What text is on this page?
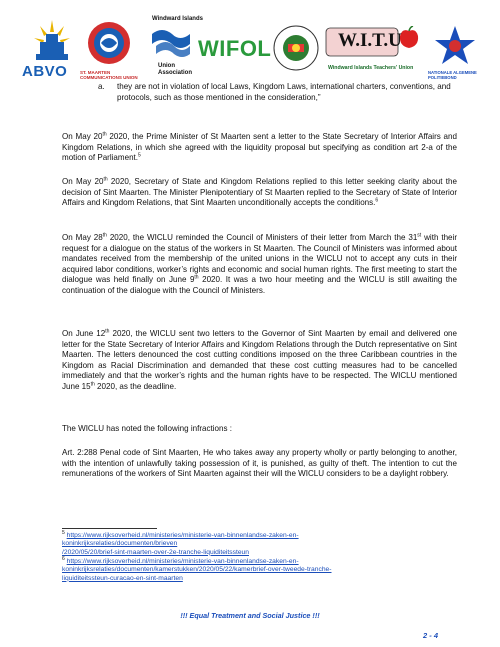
ABVO	ST. MAARTEN COMMUNICATIONS UNION
Windward Islands
Union
Association
WIFOL	W.I.T.U
Windward Islands Teachers' Union
NATIONALE ALGEMENE POLITIEBOND
a. they are not in violation of local Laws, Kingdom Laws, international charters, conventions, and protocols, such as those mentioned in the consideration,”

On May 20th 2020, the Prime Minister of St Maarten sent a letter to the State Secretary of Interior Affairs and Kingdom Relations, in which she agreed with the liquidity proposal but specifying as condition art 2-a of the motion of Parliament.$^5$

On May 20th 2020, Secretary of State and Kingdom Relations replied to this letter seeking clarity about the decision of Sint Maarten. The Minister Plenipotentiary of St Maarten replied to the Secretary of State of Interior Affairs and Kingdom Relations, that Sint Maarten unconditionally accepts the conditions.$^6$

On May 28th 2020, the WICLU reminded the Council of Ministers of their letter from March the 31st with their request for a dialogue on the status of the workers in St Maarten. The Council of Ministers was informed about mandates received from the membership of the united unions in the WICLU not to accept any cuts in their acquired labor conditions, worker’s rights and economic and social human rights. The first meeting to start the dialogue was held finally on June 9th 2020. It was a two hour meeting and the WICLU is still awaiting the continuation of the dialogue with the Council of Ministers.

On June 12th 2020, the WICLU sent two letters to the Governor of Sint Maarten by email and delivered one letter for the State Secretary of Interior Affairs and Kingdom Relations through the Dutch representative on Sint Maarten. The letters denounced the cost cutting conditions imposed on the three Caribbean countries in the Kingdom as Racial Discrimination and demanded that these cost cutting measures had to be cancelled immediately and that the worker’s rights and the human rights have to be respected. The WICLU mentioned June 15th 2020, as the deadline.

The WICLU has noted the following infractions :

Art. 2:288 Penal code of Sint Maarten, He who takes away any property wholly or partly belonging to another, with the intention of unlawfully taking possession of it, is punished, as guilty of theft. The intention to cut the remunerations of the workers of Sint Maarten against their will the WICLU considers to be a daylight robbery.

$^5$ https://www.rijksoverheid.nl/ministeries/ministerie-van-binnenlandse-zaken-en-
koninkrijksrelaties/documenten/brieven
/2020/05/20/brief-sint-maarten-over-2e-tranche-liquiditeitssteun
$^6$ https://www.rijksoverheid.nl/ministeries/ministerie-van-binnenlandse-zaken-en-
koninkrijksrelaties/documenten/kamerstukken/2020/05/22/kamerbrief-over-tweede-tranche-
liquiditeitssteun-curacao-en-sint-maarten
!!! Equal Treatment and Social Justice !!!
2 - 4
